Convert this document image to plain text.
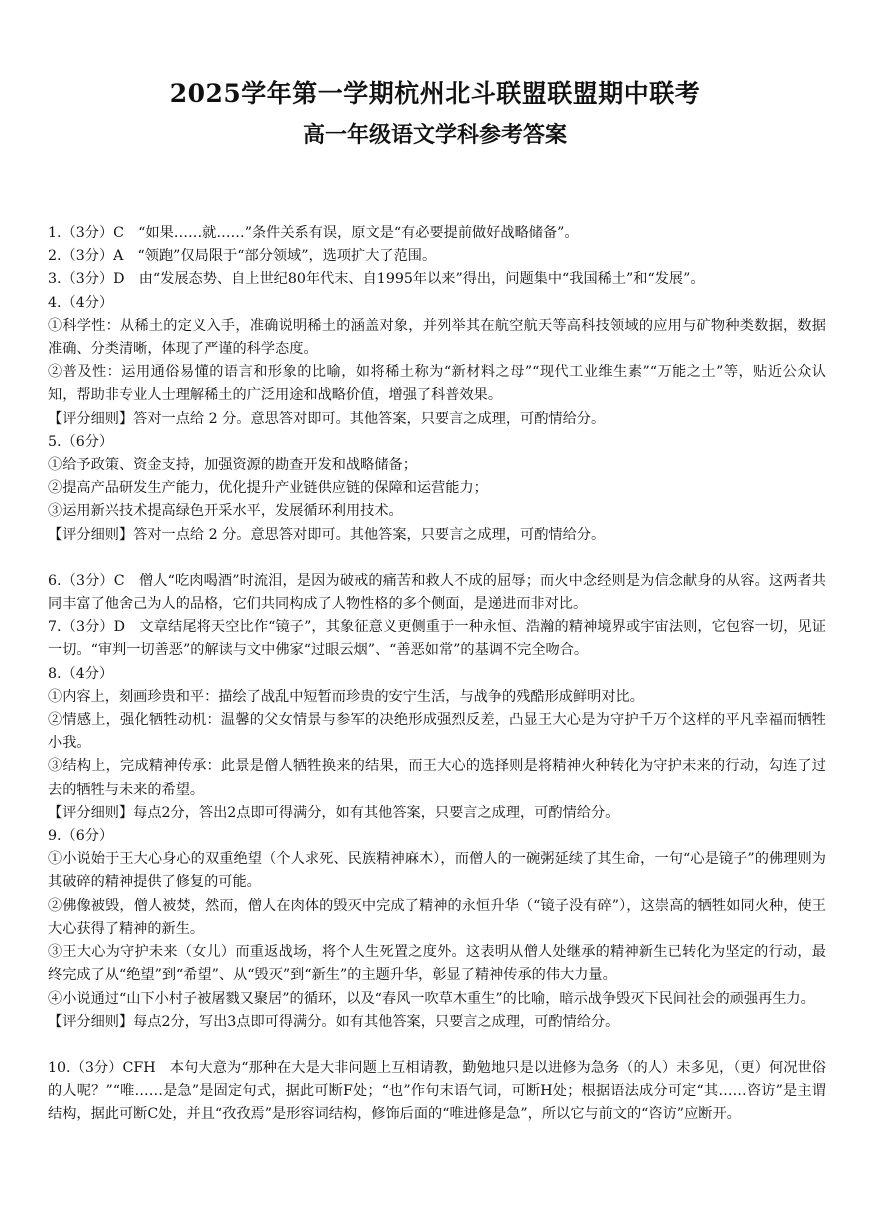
2025学年第一学期杭州北斗联盟联盟期中联考
高一年级语文学科参考答案

1.（3分）C　“如果……就……”条件关系有误，原文是“有必要提前做好战略储备”。

2.（3分）A　“领跑”仅局限于“部分领域”，选项扩大了范围。

3.（3分）D　由“发展态势、自上世纪80年代末、自1995年以来”得出，问题集中“我国稀土”和“发展”。

4.（4分）

①科学性：从稀土的定义入手，准确说明稀土的涵盖对象，并列举其在航空航天等高科技领域的应用与矿物种类数据，数据准确、分类清晰，体现了严谨的科学态度。

②普及性：运用通俗易懂的语言和形象的比喻，如将稀土称为“新材料之母”“现代工业维生素”“万能之土”等，贴近公众认知，帮助非专业人士理解稀土的广泛用途和战略价值，增强了科普效果。

【评分细则】答对一点给 2 分。意思答对即可。其他答案，只要言之成理，可酌情给分。

5.（6分）

①给予政策、资金支持，加强资源的勘查开发和战略储备；

②提高产品研发生产能力，优化提升产业链供应链的保障和运营能力；

③运用新兴技术提高绿色开采水平，发展循环利用技术。

【评分细则】答对一点给 2 分。意思答对即可。其他答案，只要言之成理，可酌情给分。

6.（3分）C　僧人“吃肉喝酒”时流泪，是因为破戒的痛苦和救人不成的屈辱；而火中念经则是为信念献身的从容。这两者共同丰富了他舍己为人的品格，它们共同构成了人物性格的多个侧面，是递进而非对比。

7.（3分）D　文章结尾将天空比作“镜子”，其象征意义更侧重于一种永恒、浩瀚的精神境界或宇宙法则，它包容一切，见证一切。“审判一切善恶”的解读与文中佛家“过眼云烟”、“善恶如常”的基调不完全吻合。

8.（4分）

①内容上，刻画珍贵和平：描绘了战乱中短暂而珍贵的安宁生活，与战争的残酷形成鲜明对比。

②情感上，强化牺牲动机：温馨的父女情景与参军的决绝形成强烈反差，凸显王大心是为守护千万个这样的平凡幸福而牺牲小我。

③结构上，完成精神传承：此景是僧人牺牲换来的结果，而王大心的选择则是将精神火种转化为守护未来的行动，勾连了过去的牺牲与未来的希望。

【评分细则】每点2分，答出2点即可得满分，如有其他答案，只要言之成理，可酌情给分。

9.（6分）

①小说始于王大心身心的双重绝望（个人求死、民族精神麻木），而僧人的一碗粥延续了其生命，一句“心是镜子”的佛理则为其破碎的精神提供了修复的可能。

②佛像被毁，僧人被焚，然而，僧人在肉体的毁灭中完成了精神的永恒升华（“镜子没有碎”），这崇高的牺牲如同火种，使王大心获得了精神的新生。

③王大心为守护未来（女儿）而重返战场，将个人生死置之度外。这表明从僧人处继承的精神新生已转化为坚定的行动，最终完成了从“绝望”到“希望”、从“毁灭”到“新生”的主题升华，彰显了精神传承的伟大力量。

④小说通过“山下小村子被屠戮又聚居”的循环，以及“春风一吹草木重生”的比喻，暗示战争毁灭下民间社会的顽强再生力。

【评分细则】每点2分，写出3点即可得满分。如有其他答案，只要言之成理，可酌情给分。

10.（3分）CFH　本句大意为“那种在大是大非问题上互相请教，勤勉地只是以进修为急务（的人）未多见，（更）何况世俗的人呢？”“唯……是急”是固定句式，据此可断F处；“也”作句末语气词，可断H处；根据语法成分可定“其……咨访”是主谓结构，据此可断C处，并且“孜孜焉”是形容词结构，修饰后面的“唯进修是急”，所以它与前文的“咨访”应断开。
